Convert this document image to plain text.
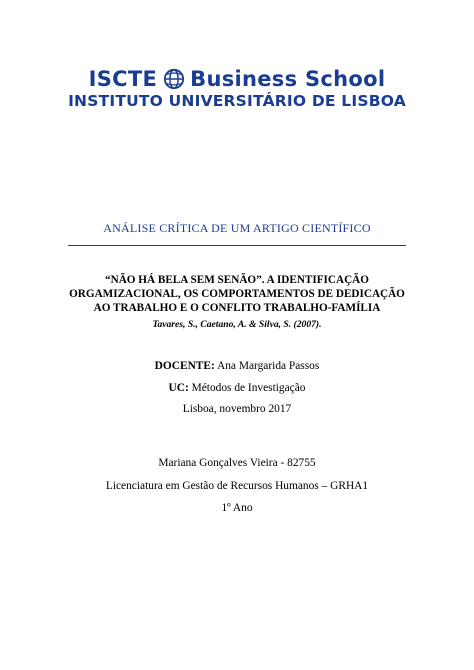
ISCTE Business School
INSTITUTO UNIVERSITÁRIO DE LISBOA
ANÁLISE CRÍTICA DE UM ARTIGO CIENTÍFICO
“NÃO HÁ BELA SEM SENÃO”. A IDENTIFICAÇÃO
ORGAMIZACIONAL, OS COMPORTAMENTOS DE DEDICAÇÃO
AO TRABALHO E O CONFLITO TRABALHO-FAMÍLIA
Tavares, S., Caetano, A. & Silva, S. (2007).
DOCENTE: Ana Margarida Passos
UC: Métodos de Investigação
Lisboa, novembro 2017
Mariana Gonçalves Vieira - 82755
Licenciatura em Gestão de Recursos Humanos – GRHA1
1º Ano
